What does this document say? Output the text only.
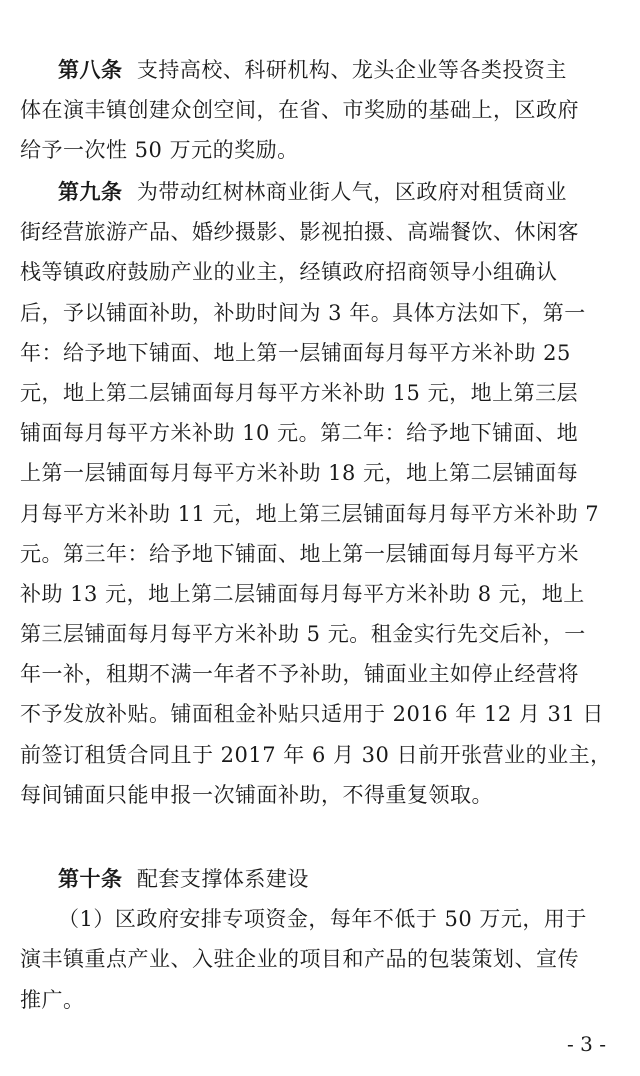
第八条 支持高校、科研机构、龙头企业等各类投资主
体在演丰镇创建众创空间，在省、市奖励的基础上，区政府
给予一次性 50 万元的奖励。
第九条 为带动红树林商业街人气，区政府对租赁商业
街经营旅游产品、婚纱摄影、影视拍摄、高端餐饮、休闲客
栈等镇政府鼓励产业的业主，经镇政府招商领导小组确认
后，予以铺面补助，补助时间为 3 年。具体方法如下，第一
年：给予地下铺面、地上第一层铺面每月每平方米补助 25
元，地上第二层铺面每月每平方米补助 15 元，地上第三层
铺面每月每平方米补助 10 元。第二年：给予地下铺面、地
上第一层铺面每月每平方米补助 18 元，地上第二层铺面每
月每平方米补助 11 元，地上第三层铺面每月每平方米补助 7
元。第三年：给予地下铺面、地上第一层铺面每月每平方米
补助 13 元，地上第二层铺面每月每平方米补助 8 元，地上
第三层铺面每月每平方米补助 5 元。租金实行先交后补，一
年一补，租期不满一年者不予补助，铺面业主如停止经营将
不予发放补贴。铺面租金补贴只适用于 2016 年 12 月 31 日
前签订租赁合同且于 2017 年 6 月 30 日前开张营业的业主，
每间铺面只能申报一次铺面补助，不得重复领取。
第十条 配套支撑体系建设
（1）区政府安排专项资金，每年不低于 50 万元，用于
演丰镇重点产业、入驻企业的项目和产品的包装策划、宣传
推广。
- 3 -
